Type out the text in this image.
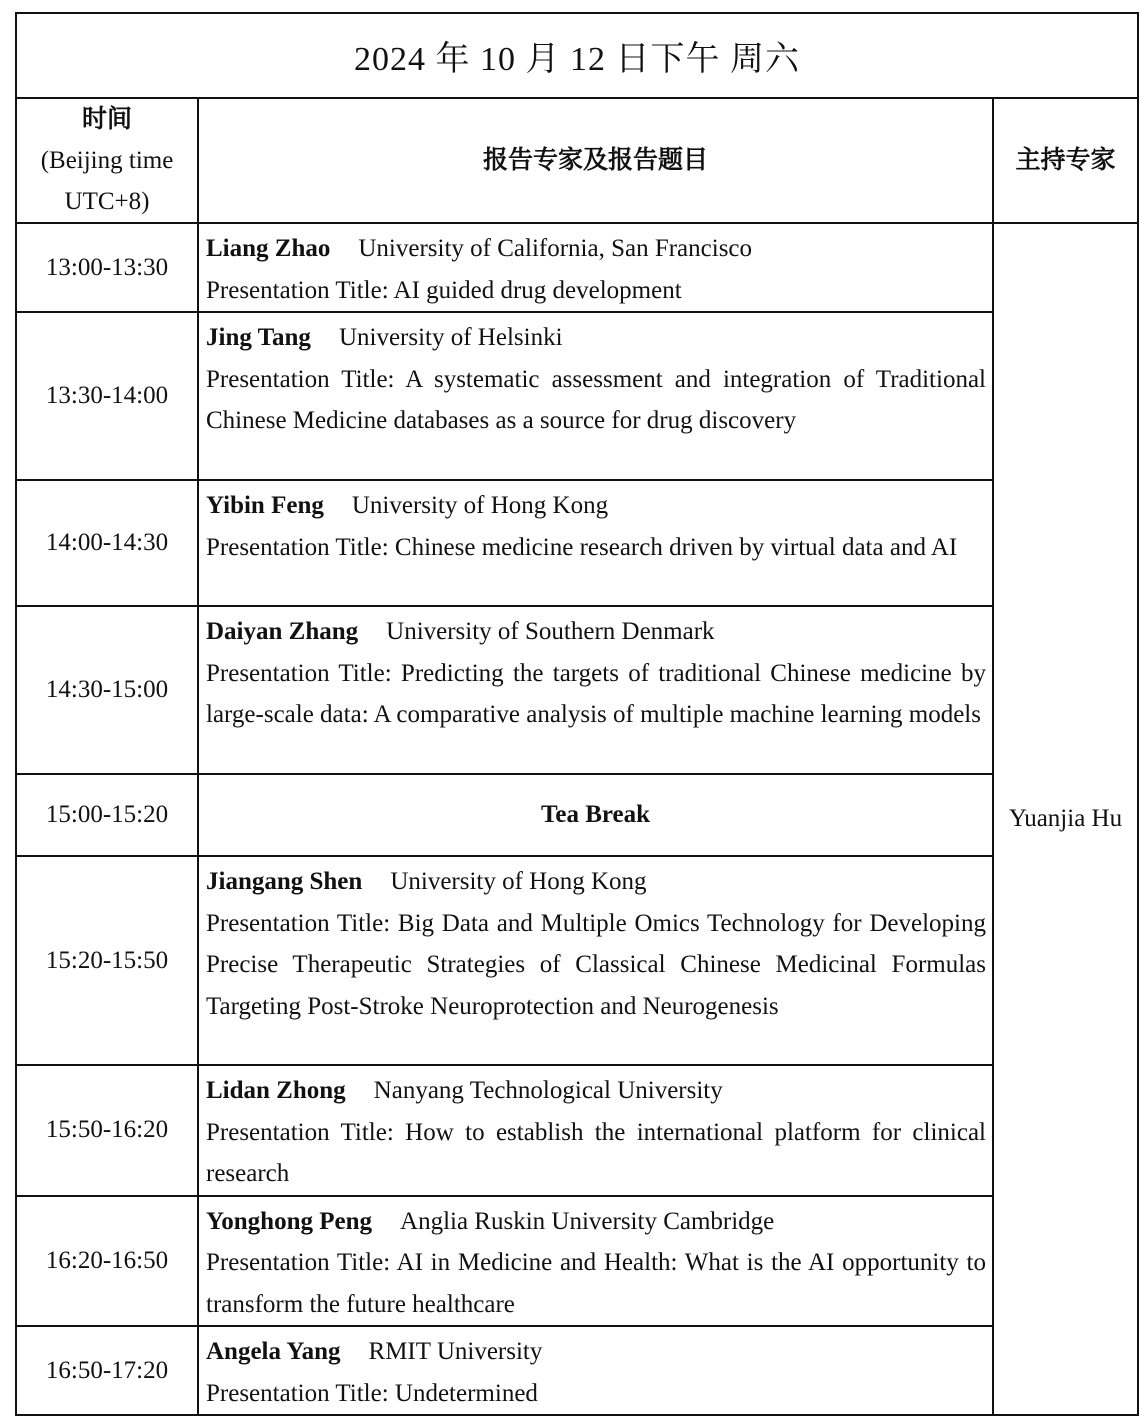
2024 年 10 月 12 日下午 周六		
时间
(Beijing time
UTC+8)	报告专家及报告题目	主持专家
13:00-13:30	Liang Zhao University of California, San Francisco
Presentation Title: AI guided drug development	Yuanjia Hu
13:30-14:00	Jing Tang University of Helsinki
Presentation Title: A systematic assessment and integration of Traditional Chinese Medicine databases as a source for drug discovery	
14:00-14:30	Yibin Feng University of Hong Kong
Presentation Title: Chinese medicine research driven by virtual data and AI	
14:30-15:00	Daiyan Zhang University of Southern Denmark
Presentation Title: Predicting the targets of traditional Chinese medicine by large-scale data: A comparative analysis of multiple machine learning models	
15:00-15:20	Tea Break	
15:20-15:50	Jiangang Shen University of Hong Kong
Presentation Title: Big Data and Multiple Omics Technology for Developing Precise Therapeutic Strategies of Classical Chinese Medicinal Formulas Targeting Post-Stroke Neuroprotection and Neurogenesis	
15:50-16:20	Lidan Zhong Nanyang Technological University
Presentation Title: How to establish the international platform for clinical research	
16:20-16:50	Yonghong Peng Anglia Ruskin University Cambridge
Presentation Title: AI in Medicine and Health: What is the AI opportunity to transform the future healthcare	
16:50-17:20	Angela Yang RMIT University
Presentation Title: Undetermined	
